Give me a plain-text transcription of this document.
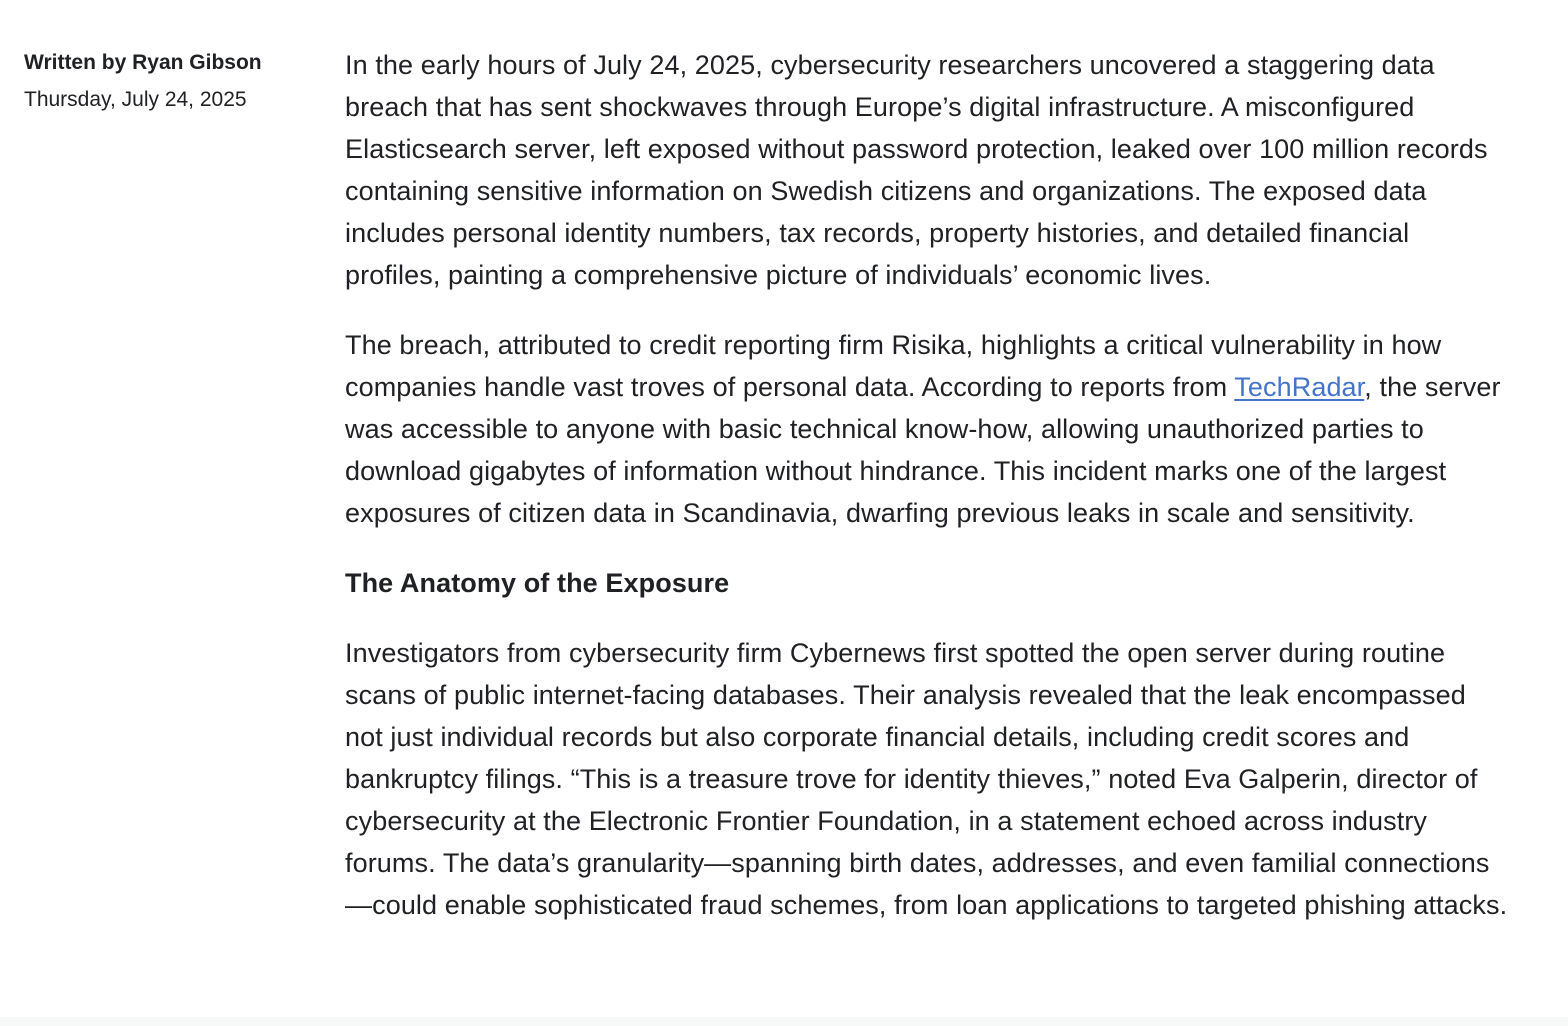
Written by Ryan Gibson
Thursday, July 24, 2025

In the early hours of July 24, 2025, cybersecurity researchers uncovered a staggering data breach that has sent shockwaves through Europe’s digital infrastructure. A misconfigured Elasticsearch server, left exposed without password protection, leaked over 100 million records containing sensitive information on Swedish citizens and organizations. The exposed data includes personal identity numbers, tax records, property histories, and detailed financial profiles, painting a comprehensive picture of individuals’ economic lives.

The breach, attributed to credit reporting firm Risika, highlights a critical vulnerability in how companies handle vast troves of personal data. According to reports from TechRadar, the server was accessible to anyone with basic technical know-how, allowing unauthorized parties to download gigabytes of information without hindrance. This incident marks one of the largest exposures of citizen data in Scandinavia, dwarfing previous leaks in scale and sensitivity.

The Anatomy of the Exposure

Investigators from cybersecurity firm Cybernews first spotted the open server during routine scans of public internet-facing databases. Their analysis revealed that the leak encompassed not just individual records but also corporate financial details, including credit scores and bankruptcy filings. “This is a treasure trove for identity thieves,” noted Eva Galperin, director of cybersecurity at the Electronic Frontier Foundation, in a statement echoed across industry forums. The data’s granularity—spanning birth dates, addresses, and even familial connections—could enable sophisticated fraud schemes, from loan applications to targeted phishing attacks.
